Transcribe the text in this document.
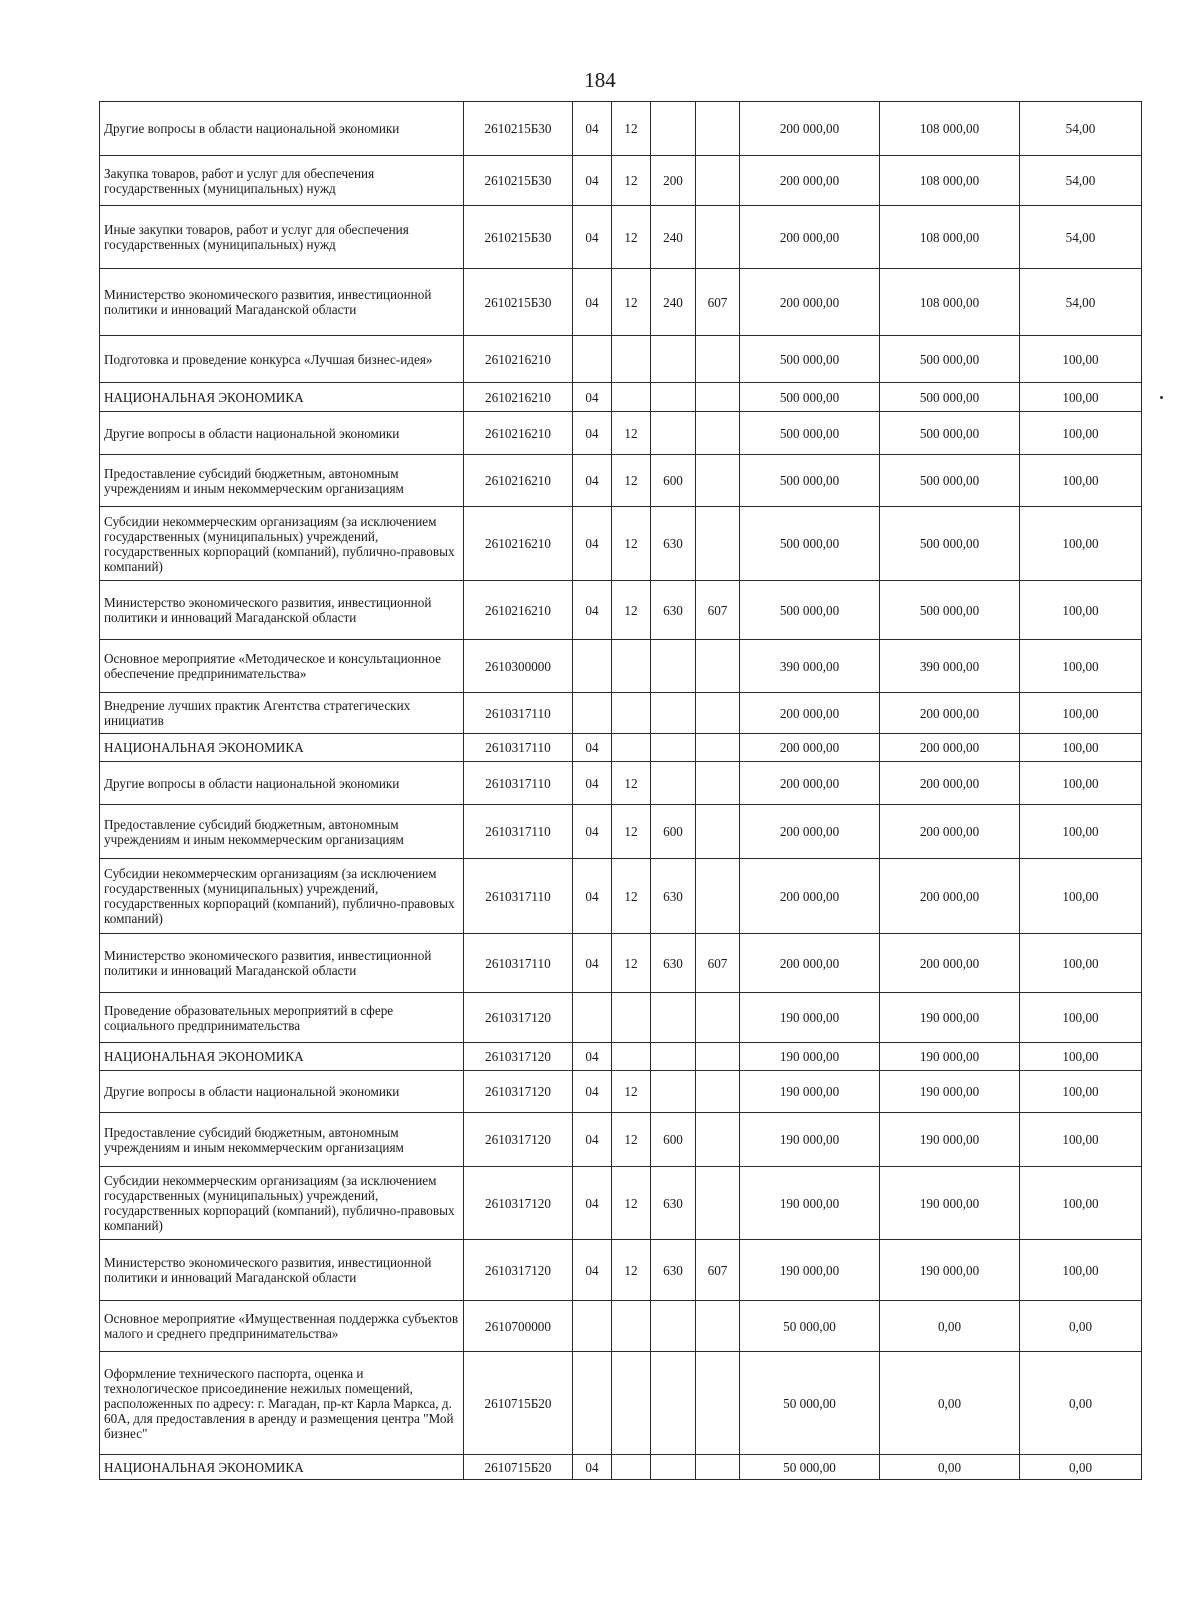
184
Другие вопросы в области национальной экономики	2610215Б30	04	12			200 000,00	108 000,00	54,00
Закупка товаров, работ и услуг для обеспечения государственных (муниципальных) нужд	2610215Б30	04	12	200		200 000,00	108 000,00	54,00
Иные закупки товаров, работ и услуг для обеспечения государственных (муниципальных) нужд	2610215Б30	04	12	240		200 000,00	108 000,00	54,00
Министерство экономического развития, инвестиционной политики и инноваций Магаданской области	2610215Б30	04	12	240	607	200 000,00	108 000,00	54,00
Подготовка и проведение конкурса «Лучшая бизнес-идея»	2610216210					500 000,00	500 000,00	100,00
НАЦИОНАЛЬНАЯ ЭКОНОМИКА	2610216210	04				500 000,00	500 000,00	100,00
Другие вопросы в области национальной экономики	2610216210	04	12			500 000,00	500 000,00	100,00
Предоставление субсидий бюджетным, автономным учреждениям и иным некоммерческим организациям	2610216210	04	12	600		500 000,00	500 000,00	100,00
Субсидии некоммерческим организациям (за исключением государственных (муниципальных) учреждений, государственных корпораций (компаний), публично-правовых компаний)	2610216210	04	12	630		500 000,00	500 000,00	100,00
Министерство экономического развития, инвестиционной политики и инноваций Магаданской области	2610216210	04	12	630	607	500 000,00	500 000,00	100,00
Основное мероприятие «Методическое и консультационное обеспечение предпринимательства»	2610300000					390 000,00	390 000,00	100,00
Внедрение лучших практик Агентства стратегических инициатив	2610317110					200 000,00	200 000,00	100,00
НАЦИОНАЛЬНАЯ ЭКОНОМИКА	2610317110	04				200 000,00	200 000,00	100,00
Другие вопросы в области национальной экономики	2610317110	04	12			200 000,00	200 000,00	100,00
Предоставление субсидий бюджетным, автономным учреждениям и иным некоммерческим организациям	2610317110	04	12	600		200 000,00	200 000,00	100,00
Субсидии некоммерческим организациям (за исключением государственных (муниципальных) учреждений, государственных корпораций (компаний), публично-правовых компаний)	2610317110	04	12	630		200 000,00	200 000,00	100,00
Министерство экономического развития, инвестиционной политики и инноваций Магаданской области	2610317110	04	12	630	607	200 000,00	200 000,00	100,00
Проведение образовательных мероприятий в сфере социального предпринимательства	2610317120					190 000,00	190 000,00	100,00
НАЦИОНАЛЬНАЯ ЭКОНОМИКА	2610317120	04				190 000,00	190 000,00	100,00
Другие вопросы в области национальной экономики	2610317120	04	12			190 000,00	190 000,00	100,00
Предоставление субсидий бюджетным, автономным учреждениям и иным некоммерческим организациям	2610317120	04	12	600		190 000,00	190 000,00	100,00
Субсидии некоммерческим организациям (за исключением государственных (муниципальных) учреждений, государственных корпораций (компаний), публично-правовых компаний)	2610317120	04	12	630		190 000,00	190 000,00	100,00
Министерство экономического развития, инвестиционной политики и инноваций Магаданской области	2610317120	04	12	630	607	190 000,00	190 000,00	100,00
Основное мероприятие «Имущественная поддержка субъектов малого и среднего предпринимательства»	2610700000					50 000,00	0,00	0,00
Оформление технического паспорта, оценка и технологическое присоединение нежилых помещений, расположенных по адресу: г. Магадан, пр-кт Карла Маркса, д. 60А, для предоставления в аренду и размещения центра "Мой бизнес"	2610715Б20					50 000,00	0,00	0,00
НАЦИОНАЛЬНАЯ ЭКОНОМИКА	2610715Б20	04				50 000,00	0,00	0,00
